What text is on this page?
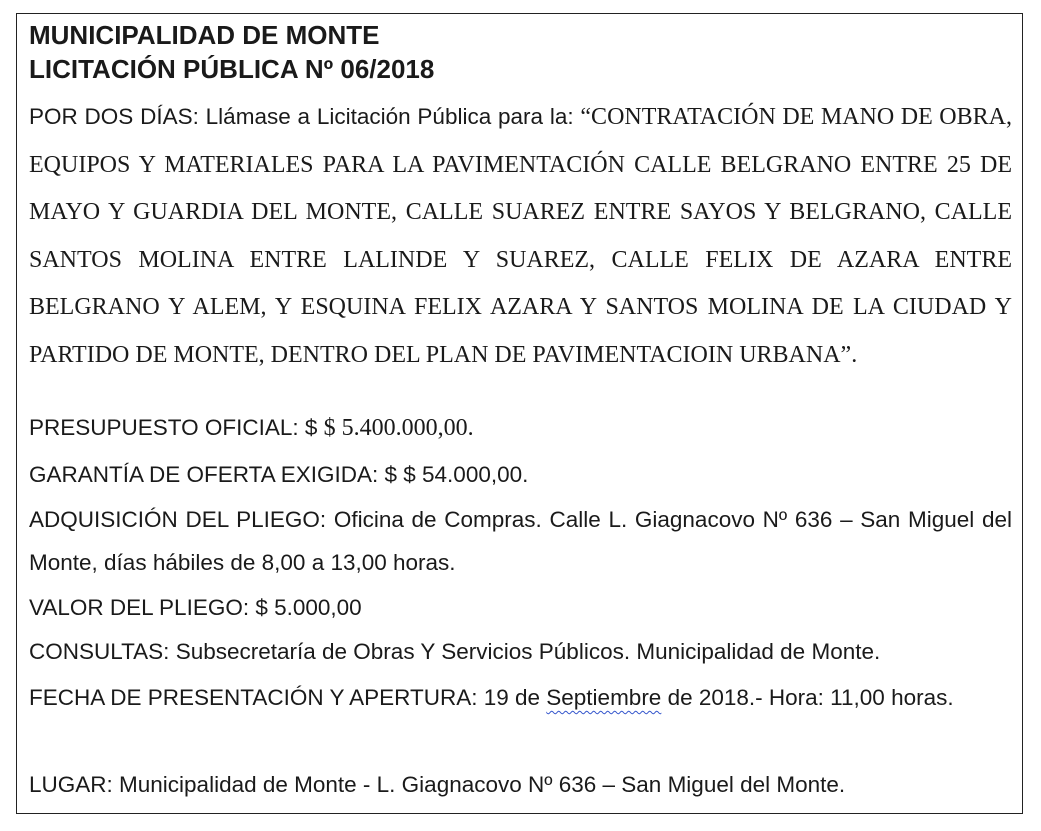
MUNICIPALIDAD DE MONTE
LICITACIÓN PÚBLICA Nº 06/2018

POR DOS DÍAS: Llámase a Licitación Pública para la: “CONTRATACIÓN DE MANO DE OBRA, EQUIPOS Y MATERIALES PARA LA PAVIMENTACIÓN CALLE BELGRANO ENTRE 25 DE MAYO Y GUARDIA DEL MONTE, CALLE SUAREZ ENTRE SAYOS Y BELGRANO, CALLE SANTOS MOLINA ENTRE LALINDE Y SUAREZ, CALLE FELIX DE AZARA ENTRE BELGRANO Y ALEM, Y ESQUINA FELIX AZARA Y SANTOS MOLINA DE LA CIUDAD Y PARTIDO DE MONTE, DENTRO DEL PLAN DE PAVIMENTACIOIN URBANA”.

PRESUPUESTO OFICIAL: $ $ 5.400.000,00.

GARANTÍA DE OFERTA EXIGIDA: $ $ 54.000,00.

ADQUISICIÓN DEL PLIEGO: Oficina de Compras. Calle L. Giagnacovo Nº 636 – San Miguel del Monte, días hábiles de 8,00 a 13,00 horas.

VALOR DEL PLIEGO: $ 5.000,00

CONSULTAS: Subsecretaría de Obras Y Servicios Públicos. Municipalidad de Monte.

FECHA DE PRESENTACIÓN Y APERTURA: 19 de Septiembre de 2018.- Hora: 11,00 horas.

LUGAR: Municipalidad de Monte - L. Giagnacovo Nº 636 – San Miguel del Monte.
